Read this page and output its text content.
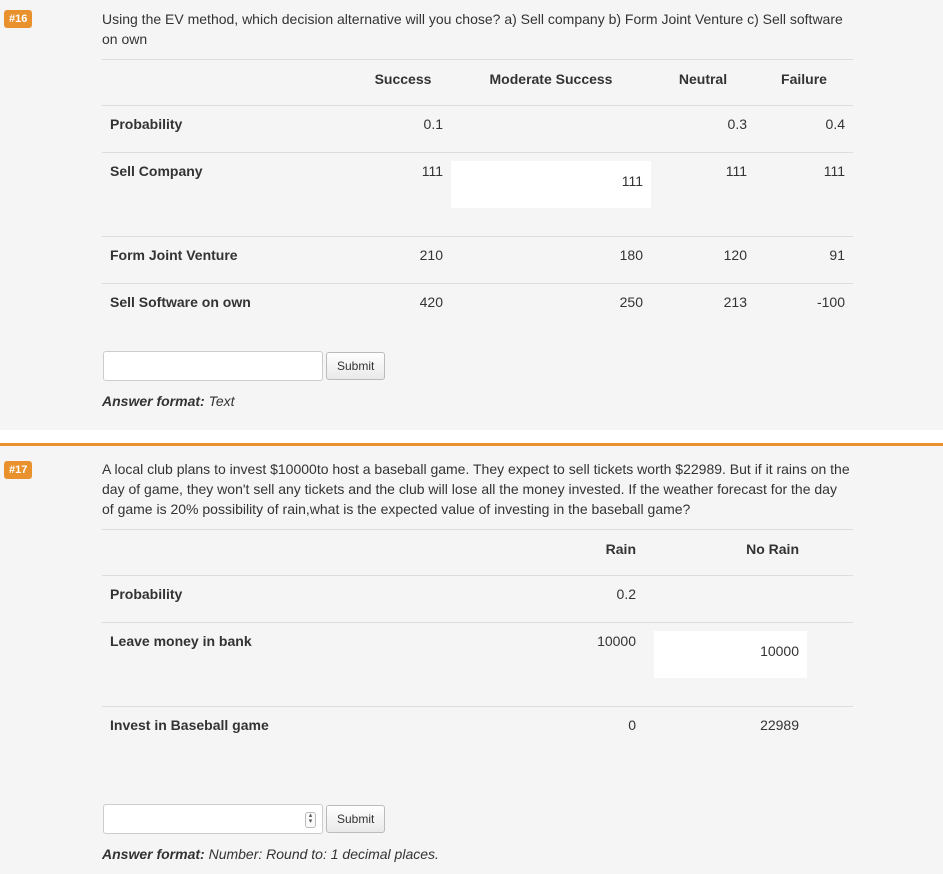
#16	Using the EV method, which decision alternative will you chose? a) Sell company b) Form Joint Venture c) Sell software on own
	Success	Moderate Success	Neutral	Failure
Probability	0.1		0.3	0.4
Sell Company	111	111	111	111
Form Joint Venture	210	180	120	91
Sell Software on own	420	250	213	-100
Submit
Answer format: Text
#17	A local club plans to invest $10000to host a baseball game. They expect to sell tickets worth $22989. But if it rains on the day of game, they won't sell any tickets and the club will lose all the money invested. If the weather forecast for the day of game is 20% possibility of rain,what is the expected value of investing in the baseball game?
	Rain	No Rain
Probability	0.2	
Leave money in bank	10000	10000

Invest in Baseball game	0	22989
▴
▾	Submit
Answer format: Number: Round to: 1 decimal places.
